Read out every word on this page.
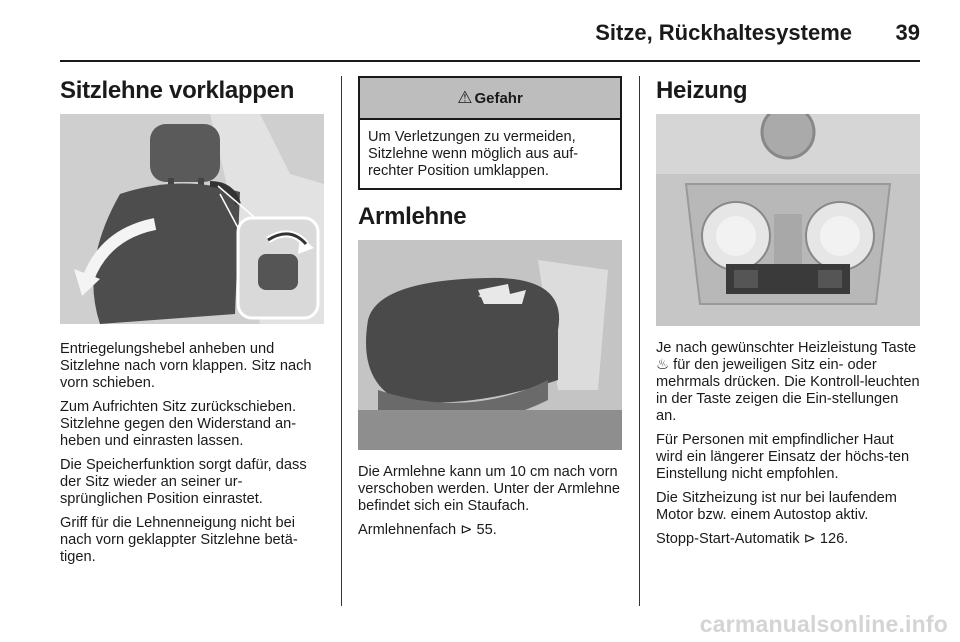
Sitze, Rückhaltesysteme 39
Sitzlehne vorklappen

Entriegelungshebel anheben und Sitzlehne nach vorn klappen. Sitz nach vorn schieben.

Zum Aufrichten Sitz zurückschieben. Sitzlehne gegen den Widerstand an-heben und einrasten lassen.

Die Speicherfunktion sorgt dafür, dass der Sitz wieder an seiner ur-sprünglichen Position einrastet.

Griff für die Lehnenneigung nicht bei nach vorn geklappter Sitzlehne betä-tigen.

⚠ Gefahr
Um Verletzungen zu vermeiden, Sitzlehne wenn möglich aus auf-rechter Position umklappen.
Armlehne

Die Armlehne kann um 10 cm nach vorn verschoben werden. Unter der Armlehne befindet sich ein Staufach.

Armlehnenfach ⊳ 55.

Heizung

Je nach gewünschter Heizleistung Taste ♨ für den jeweiligen Sitz ein- oder mehrmals drücken. Die Kontroll-leuchten in der Taste zeigen die Ein-stellungen an.

Für Personen mit empfindlicher Haut wird ein längerer Einsatz der höchs-ten Einstellung nicht empfohlen.

Die Sitzheizung ist nur bei laufendem Motor bzw. einem Autostop aktiv.

Stopp-Start-Automatik ⊳ 126.

carmanualsonline.info
